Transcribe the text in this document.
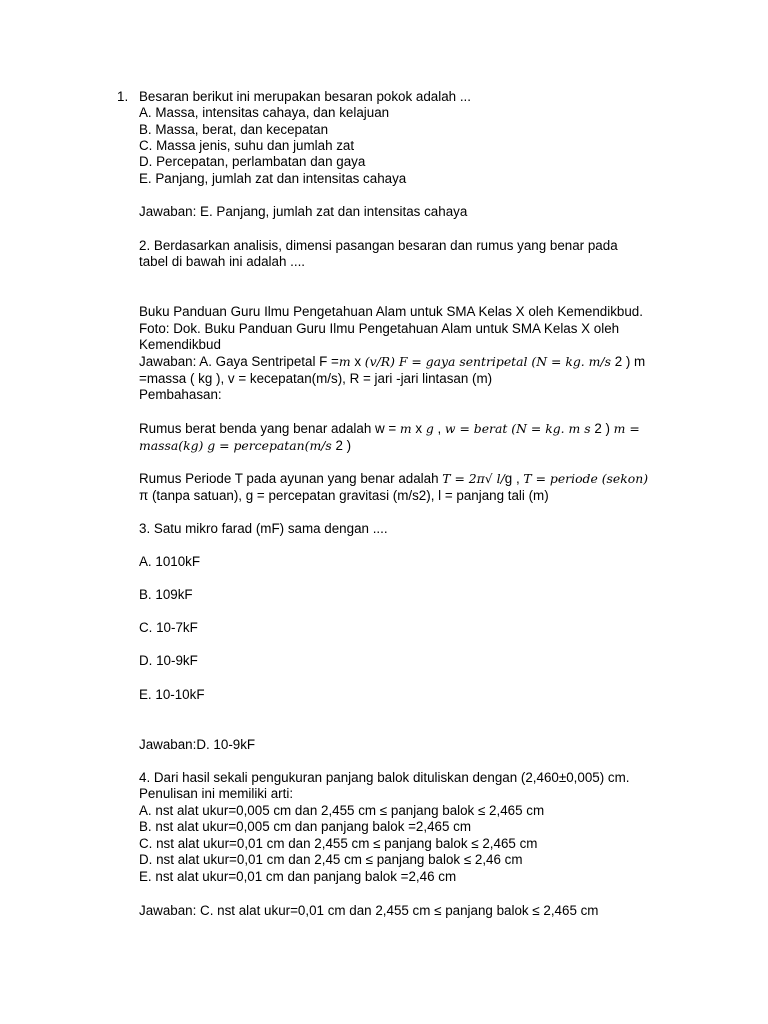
1. Besaran berikut ini merupakan besaran pokok adalah ...
A. Massa, intensitas cahaya, dan kelajuan
B. Massa, berat, dan kecepatan
C. Massa jenis, suhu dan jumlah zat
D. Percepatan, perlambatan dan gaya
E. Panjang, jumlah zat dan intensitas cahaya
Jawaban: E. Panjang, jumlah zat dan intensitas cahaya
2. Berdasarkan analisis, dimensi pasangan besaran dan rumus yang benar pada
tabel di bawah ini adalah ....
Buku Panduan Guru Ilmu Pengetahuan Alam untuk SMA Kelas X oleh Kemendikbud.
Foto: Dok. Buku Panduan Guru Ilmu Pengetahuan Alam untuk SMA Kelas X oleh
Kemendikbud
Jawaban: A. Gaya Sentripetal F =m x (v/R) F = gaya sentripetal (N = kg. m/s 2 ) m
=massa ( kg ), v = kecepatan(m/s), R = jari -jari lintasan (m)
Pembahasan:
Rumus berat benda yang benar adalah w = m x g , w = berat (N = kg. m s 2 ) m =
massa(kg) g = percepatan(m/s 2 )
Rumus Periode T pada ayunan yang benar adalah T = 2π√ l/g , T = periode (sekon)
π (tanpa satuan), g = percepatan gravitasi (m/s2), l = panjang tali (m)
3. Satu mikro farad (mF) sama dengan ....
A. 1010kF
B. 109kF
C. 10-7kF
D. 10-9kF
E. 10-10kF
Jawaban:D. 10-9kF
4. Dari hasil sekali pengukuran panjang balok dituliskan dengan (2,460±0,005) cm.
Penulisan ini memiliki arti:
A. nst alat ukur=0,005 cm dan 2,455 cm ≤ panjang balok ≤ 2,465 cm
B. nst alat ukur=0,005 cm dan panjang balok =2,465 cm
C. nst alat ukur=0,01 cm dan 2,455 cm ≤ panjang balok ≤ 2,465 cm
D. nst alat ukur=0,01 cm dan 2,45 cm ≤ panjang balok ≤ 2,46 cm
E. nst alat ukur=0,01 cm dan panjang balok =2,46 cm
Jawaban: C. nst alat ukur=0,01 cm dan 2,455 cm ≤ panjang balok ≤ 2,465 cm
